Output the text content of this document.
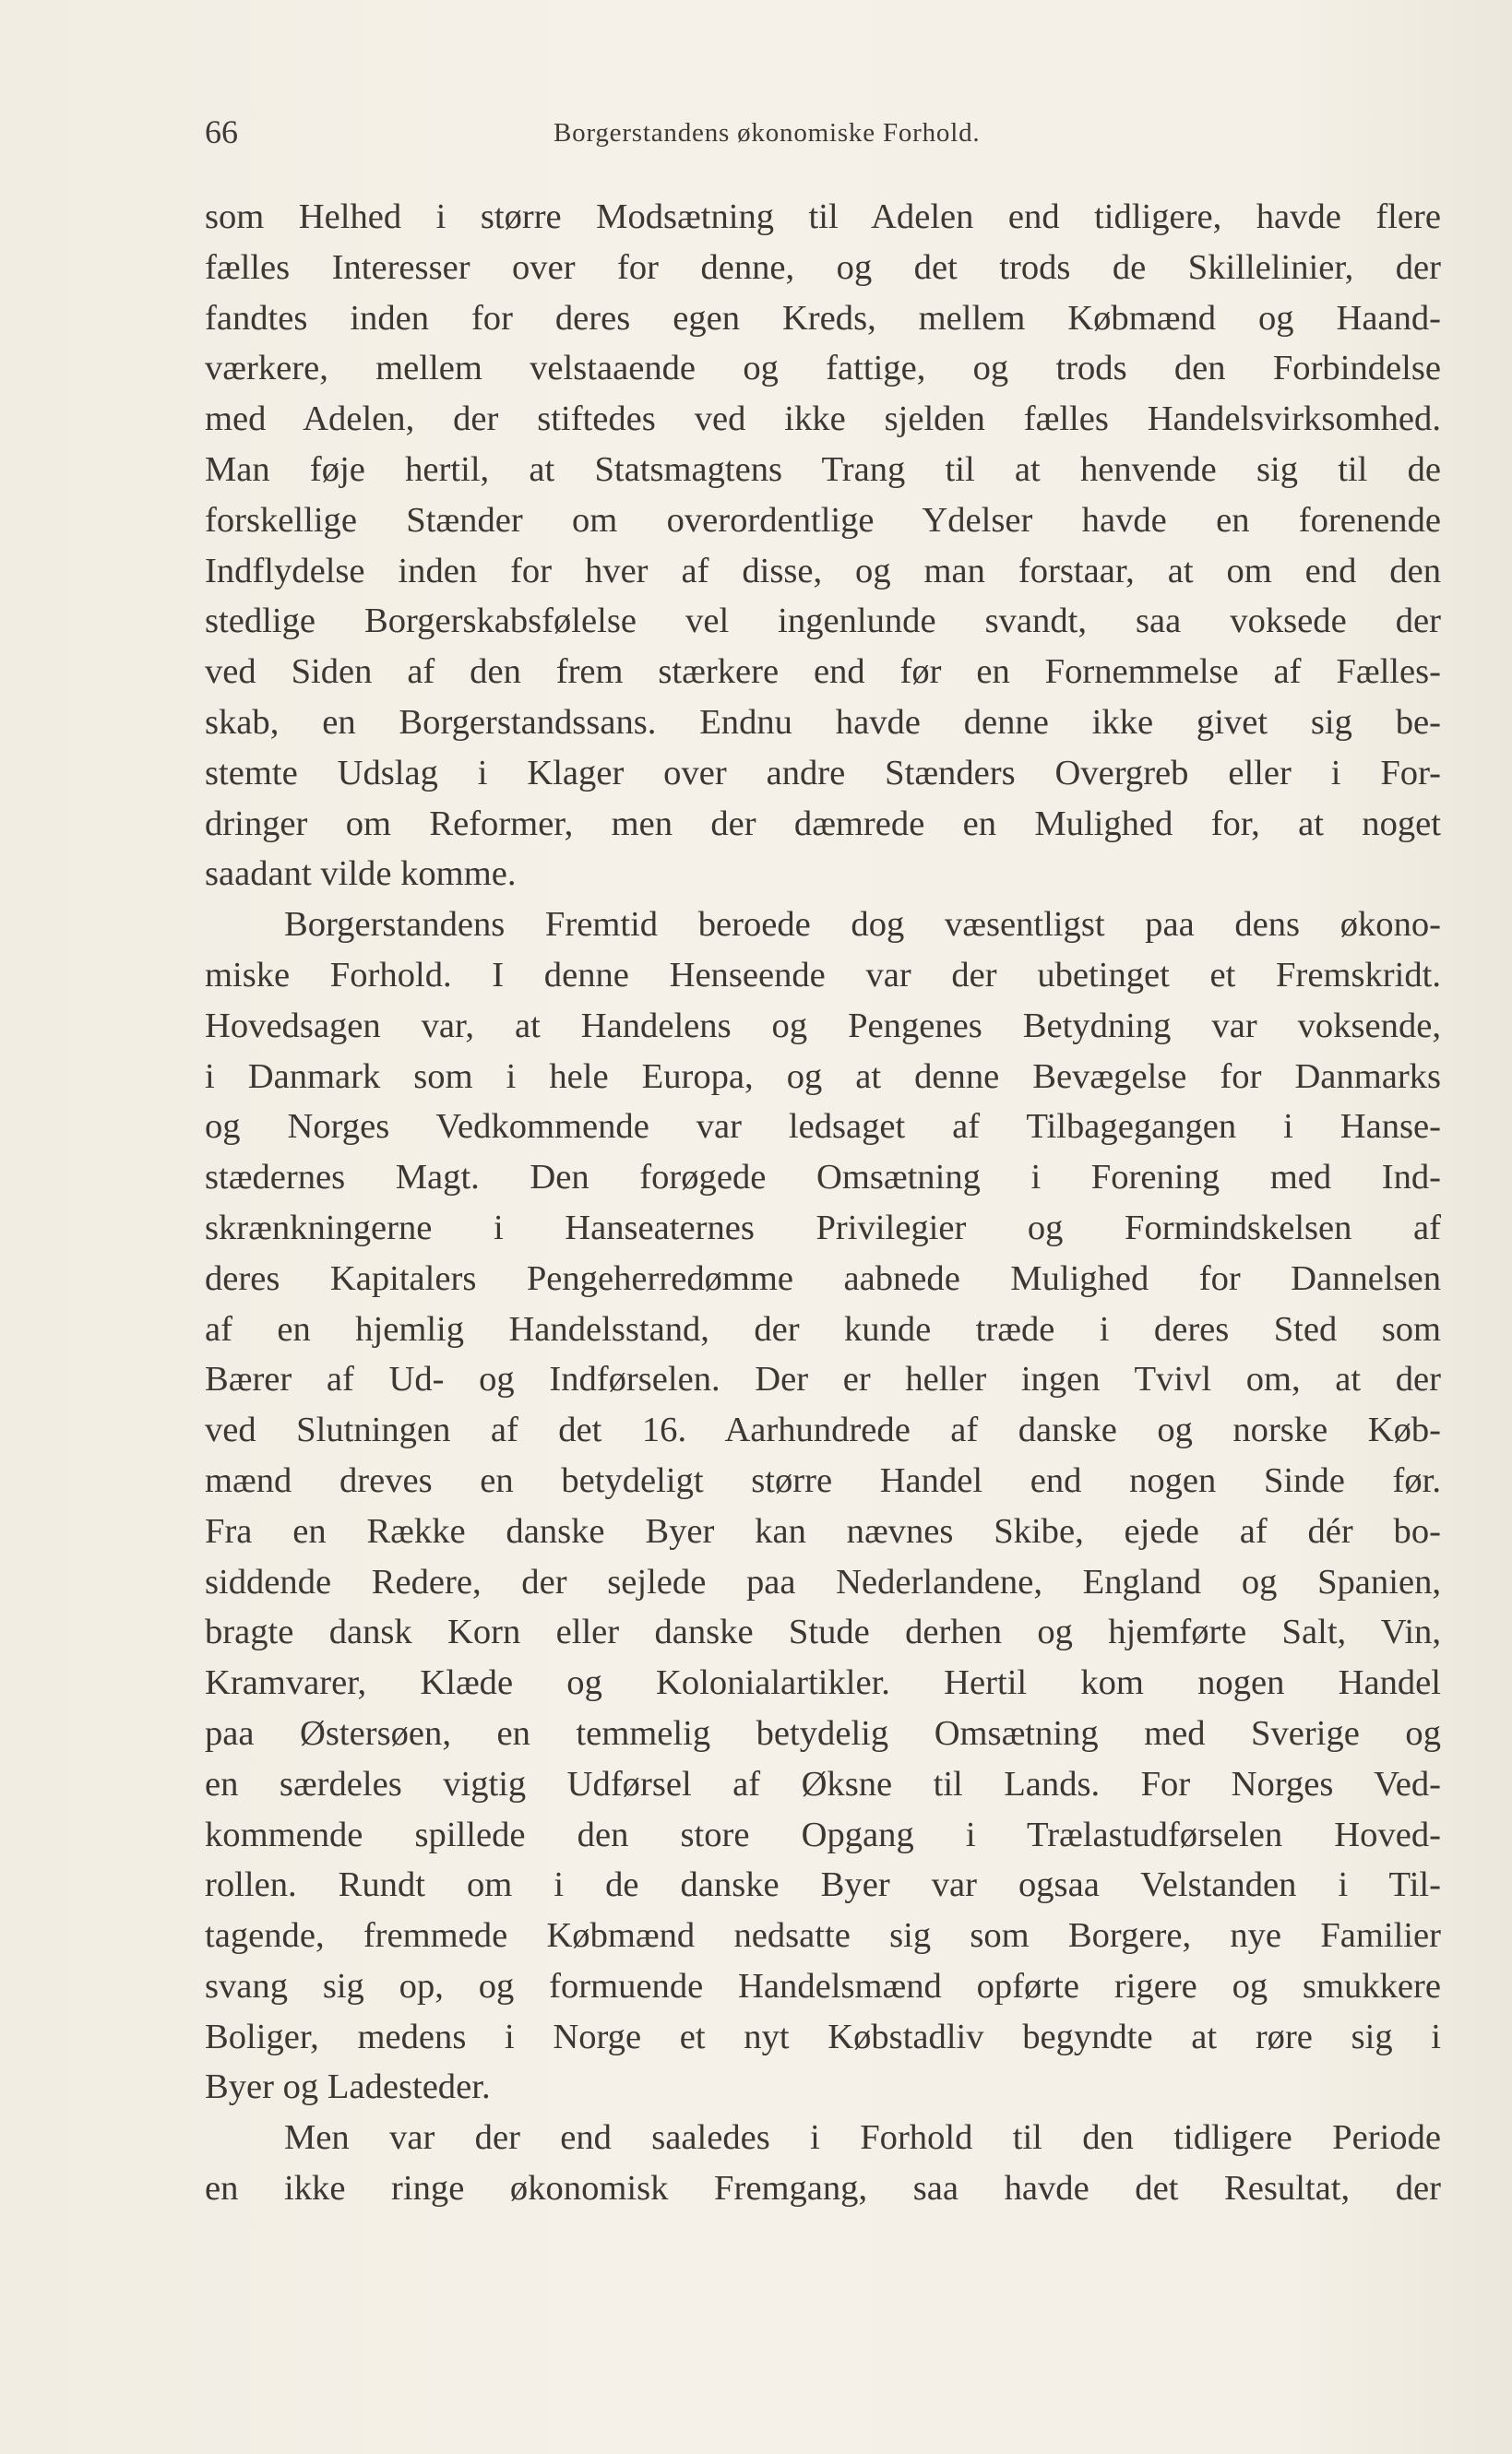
66	Borgerstandens økonomiske Forhold.
som Helhed i større Modsætning til Adelen end tidligere, havde flere
fælles Interesser over for denne, og det trods de Skillelinier, der
fandtes inden for deres egen Kreds, mellem Købmænd og Haand-
værkere, mellem velstaaende og fattige, og trods den Forbindelse
med Adelen, der stiftedes ved ikke sjelden fælles Handelsvirksomhed.
Man føje hertil, at Statsmagtens Trang til at henvende sig til de
forskellige Stænder om overordentlige Ydelser havde en forenende
Indflydelse inden for hver af disse, og man forstaar, at om end den
stedlige Borgerskabsfølelse vel ingenlunde svandt, saa voksede der
ved Siden af den frem stærkere end før en Fornemmelse af Fælles-
skab, en Borgerstandssans. Endnu havde denne ikke givet sig be-
stemte Udslag i Klager over andre Stænders Overgreb eller i For-
dringer om Reformer, men der dæmrede en Mulighed for, at noget
saadant vilde komme.
Borgerstandens Fremtid beroede dog væsentligst paa dens økono-
miske Forhold. I denne Henseende var der ubetinget et Fremskridt.
Hovedsagen var, at Handelens og Pengenes Betydning var voksende,
i Danmark som i hele Europa, og at denne Bevægelse for Danmarks
og Norges Vedkommende var ledsaget af Tilbagegangen i Hanse-
stædernes Magt. Den forøgede Omsætning i Forening med Ind-
skrænkningerne i Hanseaternes Privilegier og Formindskelsen af
deres Kapitalers Pengeherredømme aabnede Mulighed for Dannelsen
af en hjemlig Handelsstand, der kunde træde i deres Sted som
Bærer af Ud- og Indførselen. Der er heller ingen Tvivl om, at der
ved Slutningen af det 16. Aarhundrede af danske og norske Køb-
mænd dreves en betydeligt større Handel end nogen Sinde før.
Fra en Række danske Byer kan nævnes Skibe, ejede af dér bo-
siddende Redere, der sejlede paa Nederlandene, England og Spanien,
bragte dansk Korn eller danske Stude derhen og hjemførte Salt, Vin,
Kramvarer, Klæde og Kolonialartikler. Hertil kom nogen Handel
paa Østersøen, en temmelig betydelig Omsætning med Sverige og
en særdeles vigtig Udførsel af Øksne til Lands. For Norges Ved-
kommende spillede den store Opgang i Trælastudførselen Hoved-
rollen. Rundt om i de danske Byer var ogsaa Velstanden i Til-
tagende, fremmede Købmænd nedsatte sig som Borgere, nye Familier
svang sig op, og formuende Handelsmænd opførte rigere og smukkere
Boliger, medens i Norge et nyt Købstadliv begyndte at røre sig i
Byer og Ladesteder.
Men var der end saaledes i Forhold til den tidligere Periode
en ikke ringe økonomisk Fremgang, saa havde det Resultat, der
